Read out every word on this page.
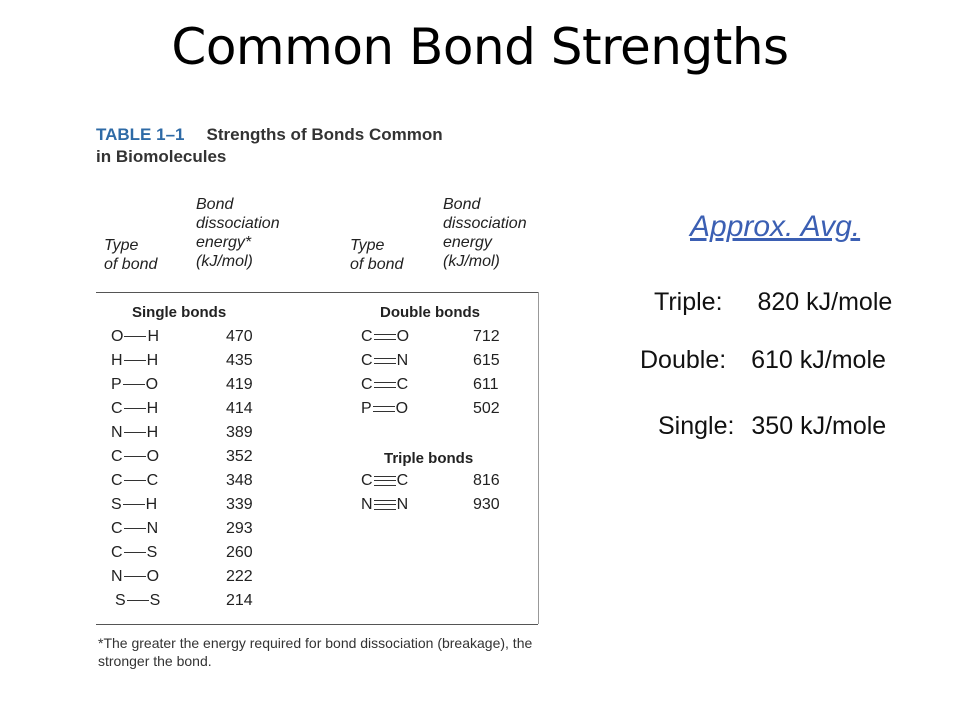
Common Bond Strengths
TABLE 1–1 Strengths of Bonds Common
in Biomolecules
Type
of bond
Bond
dissociation
energy*
(kJ/mol)
Type
of bond
Bond
dissociation
energy
(kJ/mol)
Single bonds	Double bonds
Triple bonds
O H	470
H H	435
P O	419
C H	414
N H	389
C O	352
C C	348
S H	339
C N	293
C S	260
N O	222
S S	214
C O	712
C N	615
C C	611
P O	502
C C	816
N N	930
*The greater the energy required for bond dissociation (breakage), the stronger the bond.
Approx. Avg.
Triple: 820 kJ/mole
Double: 610 kJ/mole
Single: 350 kJ/mole
